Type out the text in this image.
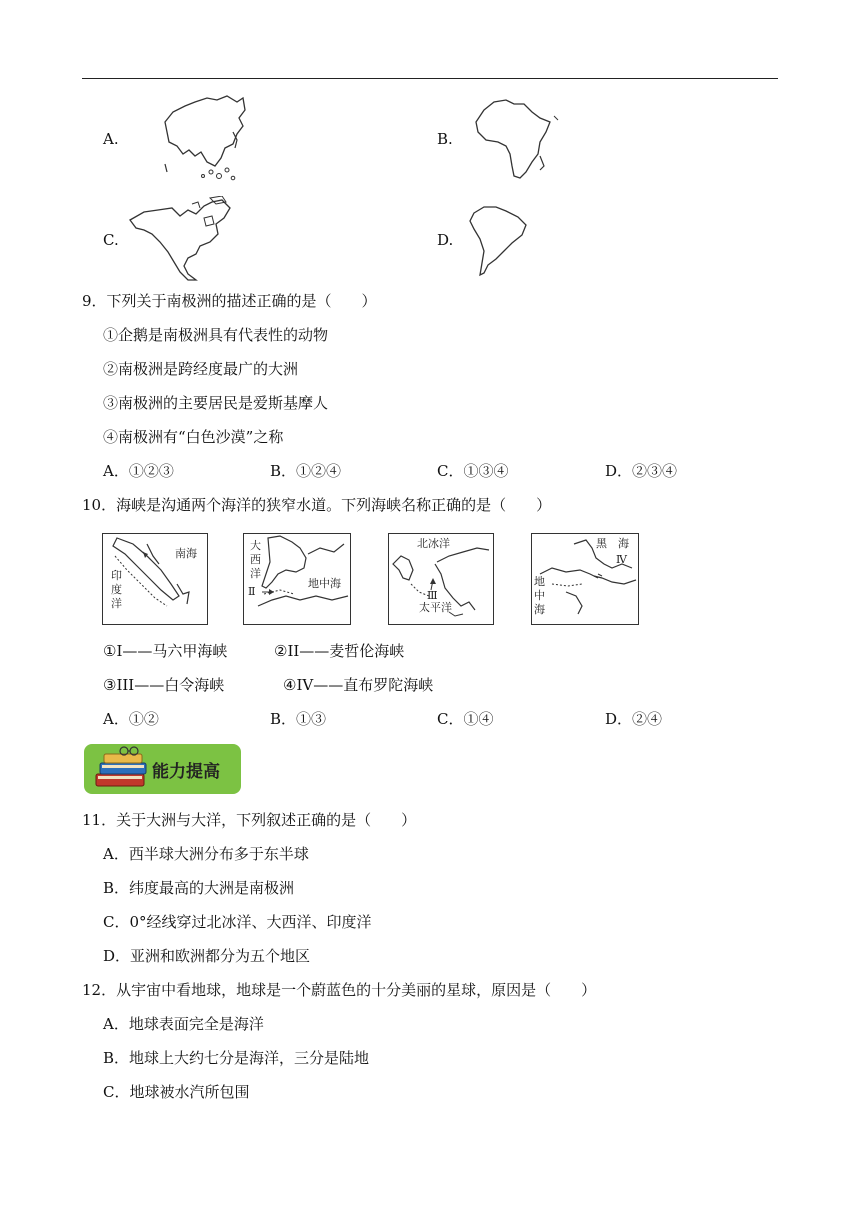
A.	B.
C.	D.
9．下列关于南极洲的描述正确的是（　　）
①企鹅是南极洲具有代表性的动物
②南极洲是跨经度最广的大洲
③南极洲的主要居民是爱斯基摩人
④南极洲有“白色沙漠”之称
A．①②③	B．①②④	C．①③④	D．②③④
10．海峡是沟通两个海洋的狭窄水道。下列海峡名称正确的是（　　）
南海
印
度
洋
大
西
洋
地中海
Ⅱ
北冰洋
Ⅲ
太平洋
黑 海
Ⅳ
地
中
海
①I——马六甲海峡	②II——麦哲伦海峡
③III——白令海峡	④IV——直布罗陀海峡
A．①②	B．①③	C．①④	D．②④
能力提高
11．关于大洲与大洋，下列叙述正确的是（　　）
A．西半球大洲分布多于东半球
B．纬度最高的大洲是南极洲
C．0°经线穿过北冰洋、大西洋、印度洋
D．亚洲和欧洲都分为五个地区
12．从宇宙中看地球，地球是一个蔚蓝色的十分美丽的星球，原因是（　　）
A．地球表面完全是海洋
B．地球上大约七分是海洋，三分是陆地
C．地球被水汽所包围
